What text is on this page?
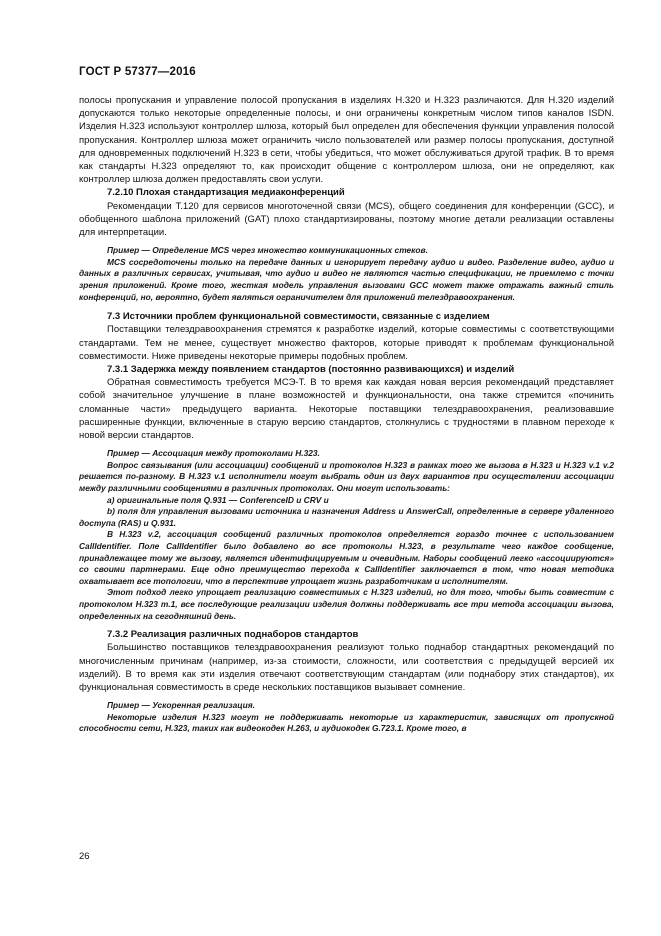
ГОСТ Р 57377—2016
полосы пропускания и управление полосой пропускания в изделиях H.320 и H.323 различаются. Для H.320 изделий допускаются только некоторые определенные полосы, и они ограничены конкретным числом типов каналов ISDN. Изделия H.323 используют контроллер шлюза, который был определен для обеспечения функции управления полосой пропускания. Контроллер шлюза может ограничить число пользователей или размер полосы пропускания, доступной для одновременных подключений H.323 в сети, чтобы убедиться, что может обслуживаться другой трафик. В то время как стандарты H.323 определяют то, как происходит общение с контроллером шлюза, они не определяют, как контроллер шлюза должен предоставлять свои услуги.
7.2.10 Плохая стандартизация медиаконференций
Рекомендации T.120 для сервисов многоточечной связи (MCS), общего соединения для конференции (GCC), и обобщенного шаблона приложений (GAT) плохо стандартизированы, поэтому многие детали реализации оставлены для интерпретации.
Пример — Определение MCS через множество коммуникационных стеков.
MCS сосредоточены только на передаче данных и игнорирует передачу аудио и видео. Разделение видео, аудио и данных в различных сервисах, учитывая, что аудио и видео не являются частью спецификации, не приемлемо с точки зрения приложений. Кроме того, жесткая модель управления вызовами GCC может также отражать важный стиль конференций, но, вероятно, будет являться ограничителем для приложений телездравоохранения.
7.3 Источники проблем функциональной совместимости, связанные с изделием
Поставщики телездравоохранения стремятся к разработке изделий, которые совместимы с соответствующими стандартами. Тем не менее, существует множество факторов, которые приводят к проблемам функциональной совместимости. Ниже приведены некоторые примеры подобных проблем.
7.3.1 Задержка между появлением стандартов (постоянно развивающихся) и изделий
Обратная совместимость требуется МСЭ-Т. В то время как каждая новая версия рекомендаций представляет собой значительное улучшение в плане возможностей и функциональности, она также стремится «починить сломанные части» предыдущего варианта. Некоторые поставщики телездравоохранения, реализовавшие расширенные функции, включенные в старую версию стандартов, столкнулись с трудностями в плавном переходе к новой версии стандартов.
Пример — Ассоциация между протоколами H.323.
Вопрос связывания (или ассоциации) сообщений и протоколов H.323 в рамках того же вызова в H.323 и H.323 v.1 v.2 решается по-разному. В H.323 v.1 исполнители могут выбрать один из двух вариантов при осуществлении ассоциации между различными сообщениями в различных протоколах. Они могут использовать:
a) оригинальные поля Q.931 — ConferenceID и CRV и
b) поля для управления вызовами источника и назначения Address и AnswerCall, определенные в сервере удаленного доступа (RAS) и Q.931.
В H.323 v.2, ассоциация сообщений различных протоколов определяется гораздо точнее с использованием CallIdentifier. Поле CallIdentifier было добавлено во все протоколы H.323, в результате чего каждое сообщение, принадлежащее тому же вызову, является идентифицируемым и очевидным. Наборы сообщений легко «ассоциируются» со своими партнерами. Еще одно преимущество перехода к CallIdentifier заключается в том, что новая методика охватывает все топологии, что в перспективе упрощает жизнь разработчикам и исполнителям.
Этот подход легко упрощает реализацию совместимых с H.323 изделий, но для того, чтобы быть совместим с протоколом H.323 т.1, все последующие реализации изделия должны поддерживать все три метода ассоциации вызова, определенных на сегодняшний день.
7.3.2 Реализация различных поднаборов стандартов
Большинство поставщиков телездравоохранения реализуют только поднабор стандартных рекомендаций по многочисленным причинам (например, из-за стоимости, сложности, или соответствия с предыдущей версией их изделий). В то время как эти изделия отвечают соответствующим стандартам (или поднабору этих стандартов), их функциональная совместимость в среде нескольких поставщиков вызывает сомнение.
Пример — Ускоренная реализация.
Некоторые изделия H.323 могут не поддерживать некоторые из характеристик, зависящих от пропускной способности сети, H.323, таких как видеокодек H.263, и аудиокодек G.723.1. Кроме того, в
26
